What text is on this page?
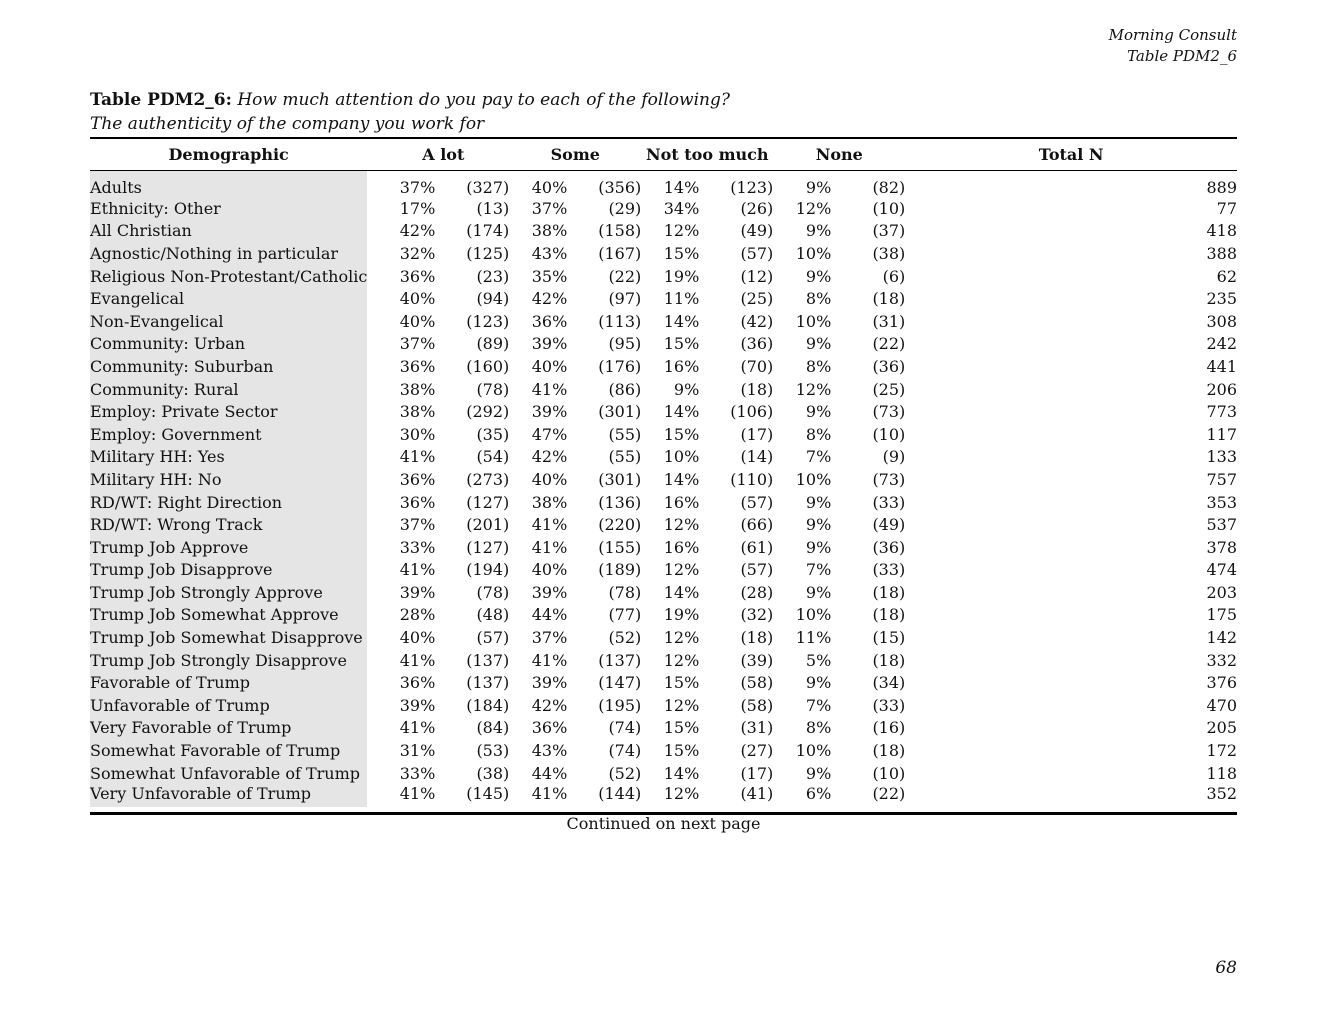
Morning Consult
Table PDM2_6
Table PDM2_6: How much attention do you pay to each of the following?
The authenticity of the company you work for
Demographic		A lot		Some		Not too much		None		Total N
Adults		37%	(327)	40%	(356)	14%	(123)	9%	(82)	889
Ethnicity: Other		17%	(13)	37%	(29)	34%	(26)	12%	(10)	77
All Christian		42%	(174)	38%	(158)	12%	(49)	9%	(37)	418
Agnostic/Nothing in particular		32%	(125)	43%	(167)	15%	(57)	10%	(38)	388
Religious Non-Protestant/Catholic		36%	(23)	35%	(22)	19%	(12)	9%	(6)	62
Evangelical		40%	(94)	42%	(97)	11%	(25)	8%	(18)	235
Non-Evangelical		40%	(123)	36%	(113)	14%	(42)	10%	(31)	308
Community: Urban		37%	(89)	39%	(95)	15%	(36)	9%	(22)	242
Community: Suburban		36%	(160)	40%	(176)	16%	(70)	8%	(36)	441
Community: Rural		38%	(78)	41%	(86)	9%	(18)	12%	(25)	206
Employ: Private Sector		38%	(292)	39%	(301)	14%	(106)	9%	(73)	773
Employ: Government		30%	(35)	47%	(55)	15%	(17)	8%	(10)	117
Military HH: Yes		41%	(54)	42%	(55)	10%	(14)	7%	(9)	133
Military HH: No		36%	(273)	40%	(301)	14%	(110)	10%	(73)	757
RD/WT: Right Direction		36%	(127)	38%	(136)	16%	(57)	9%	(33)	353
RD/WT: Wrong Track		37%	(201)	41%	(220)	12%	(66)	9%	(49)	537
Trump Job Approve		33%	(127)	41%	(155)	16%	(61)	9%	(36)	378
Trump Job Disapprove		41%	(194)	40%	(189)	12%	(57)	7%	(33)	474
Trump Job Strongly Approve		39%	(78)	39%	(78)	14%	(28)	9%	(18)	203
Trump Job Somewhat Approve		28%	(48)	44%	(77)	19%	(32)	10%	(18)	175
Trump Job Somewhat Disapprove		40%	(57)	37%	(52)	12%	(18)	11%	(15)	142
Trump Job Strongly Disapprove		41%	(137)	41%	(137)	12%	(39)	5%	(18)	332
Favorable of Trump		36%	(137)	39%	(147)	15%	(58)	9%	(34)	376
Unfavorable of Trump		39%	(184)	42%	(195)	12%	(58)	7%	(33)	470
Very Favorable of Trump		41%	(84)	36%	(74)	15%	(31)	8%	(16)	205
Somewhat Favorable of Trump		31%	(53)	43%	(74)	15%	(27)	10%	(18)	172
Somewhat Unfavorable of Trump		33%	(38)	44%	(52)	14%	(17)	9%	(10)	118
Very Unfavorable of Trump		41%	(145)	41%	(144)	12%	(41)	6%	(22)	352
Continued on next page
68
